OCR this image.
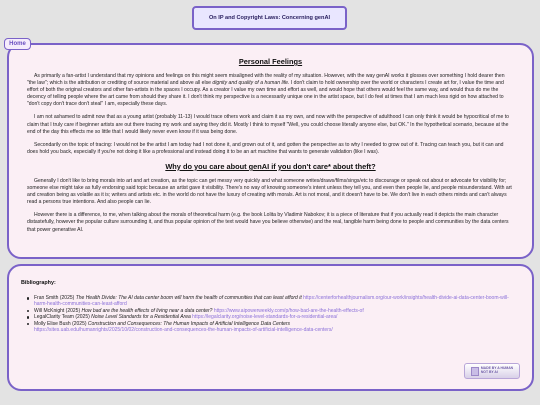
On IP and Copyright Laws: Concerning genAI
Personal Feelings

As primarily a fan-artist I understand that my opinions and feelings on this might seem misaligned with the reality of my situation. However, with the way genAI works it glosses over something I hold dearer then "the law"; which is the attribution or crediting of source material and above all else dignity and quality of a human life. I don't claim to hold ownership over the world or characters I create art for, I value the time and effort of both the original creators and other fan-artists in the spaces I occupy. As a creator I value my own time and effort as well, and would hope that others would feel the same way, and would thus do me the decency of telling people where the art came from should they share it. I don't think my perspective is a necessarily unique one in the artist space, but I do feel at times that I am much less rigid on how attached to "don't copy don't trace don't steal" I am, especially these days.

I am not ashamed to admit now that as a young artist (probably 11-13) I would trace others work and claim it as my own, and now with the perspective of adulthood I can only think it would be hypocritical of me to claim that I truly care if beginner artists are out there tracing my work and saying they did it. Mostly I think to myself "Well, you could choose literally anyone else, but OK." In the hypothetical scenario, because at the end of the day this effects me so little that I would likely never even know if it was being done.

Secondarily on the topic of tracing: I would not be the artist I am today had I not done it, and grown out of it, and gotten the perspective as to why I needed to grow out of it. Tracing can teach you, but it can and does hold you back, especially if you're not doing it like a professional and instead doing it to be an art machine that wants to generate validation (like I was).

Why do you care about genAI if you don't care* about theft?

Generally I don't like to bring morals into art and art creation, as the topic can get messy very quickly and what someone writes/draws/films/sings/etc to discourage or speak out about or advocate for visibility for; someone else might take as fully endorsing said topic because an artist gave it visibility. There's no way of knowing someone's intent unless they tell you, and even then people lie, and people misunderstand. With art and creation being as volatile as it is; writers and artists etc. in the world do not have the luxury of creating with morals. Art is not moral, and it doesn't have to be. We don't live in each others minds and can't always read a persons true intentions. And also people can lie.

However there is a difference, to me, when talking about the morals of theoretical harm (e.g. the book Lolita by Vladimir Nabokov; it is a piece of literature that if you actually read it depicts the main character distastefully, however the popular culture surrounding it, and thus popular opinion of the text would have you believe otherwise) and the real, tangible harm being done to people and communities by the data centers that power generative AI.

Home
Bibliography:
Fran Smith (2025) The Health Divide: The AI data center boom will harm the health of communities that can least afford it https://centerforhealthjournalism.org/our-work/insights/health-divide-ai-data-center-boom-will-harm-health-communities-can-least-afford
Will McKnight (2025) How bad are the health effects of living near a data center? https://www.aipowerweekly.com/p/how-bad-are-the-health-effects-of
LegalClarity Team (2025) Noise Level Standards for a Residential Area https://legalclarity.org/noise-level-standards-for-a-residential-area/
Molly Elise Bush (2025) Construction and Consequences: The Human Impacts of Artificial Intelligence Data Centers
https://sites.uab.edu/humanrights/2025/10/02/construction-and-consequences-the-human-impacts-of-artificial-intelligence-data-centers/
MADE BY A HUMAN
NOT BY AI
